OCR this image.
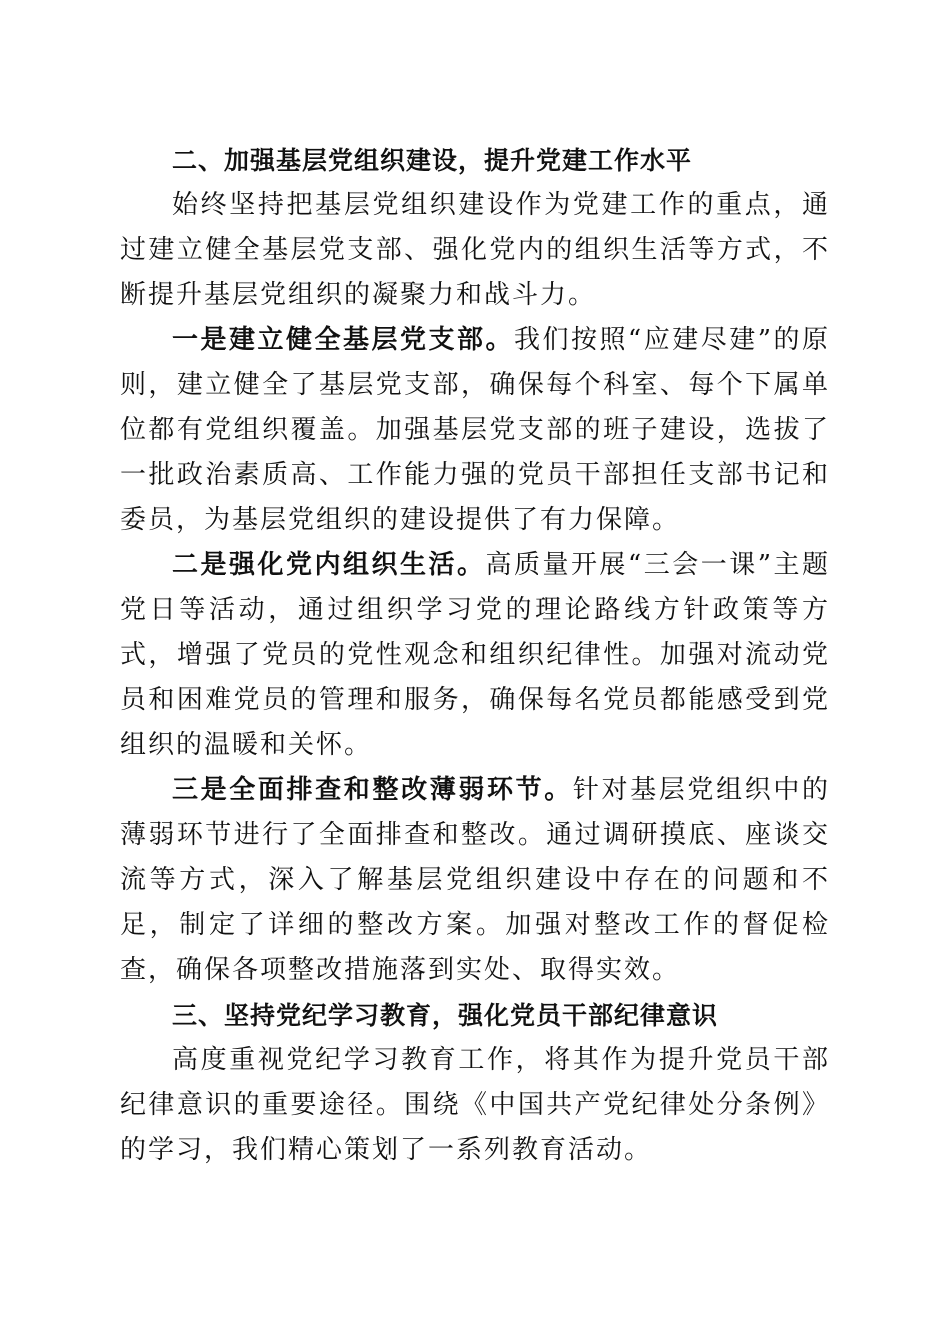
二、加强基层党组织建设，提升党建工作水平

始终坚持把基层党组织建设作为党建工作的重点，通过建立健全基层党支部、强化党内的组织生活等方式，不断提升基层党组织的凝聚力和战斗力。

一是建立健全基层党支部。我们按照“应建尽建”的原则，建立健全了基层党支部，确保每个科室、每个下属单位都有党组织覆盖。加强基层党支部的班子建设，选拔了一批政治素质高、工作能力强的党员干部担任支部书记和委员，为基层党组织的建设提供了有力保障。

二是强化党内组织生活。高质量开展“三会一课”主题党日等活动，通过组织学习党的理论路线方针政策等方式，增强了党员的党性观念和组织纪律性。加强对流动党员和困难党员的管理和服务，确保每名党员都能感受到党组织的温暖和关怀。

三是全面排查和整改薄弱环节。针对基层党组织中的薄弱环节进行了全面排查和整改。通过调研摸底、座谈交流等方式，深入了解基层党组织建设中存在的问题和不足，制定了详细的整改方案。加强对整改工作的督促检查，确保各项整改措施落到实处、取得实效。

三、坚持党纪学习教育，强化党员干部纪律意识

高度重视党纪学习教育工作，将其作为提升党员干部纪律意识的重要途径。围绕《中国共产党纪律处分条例》的学习，我们精心策划了一系列教育活动。
